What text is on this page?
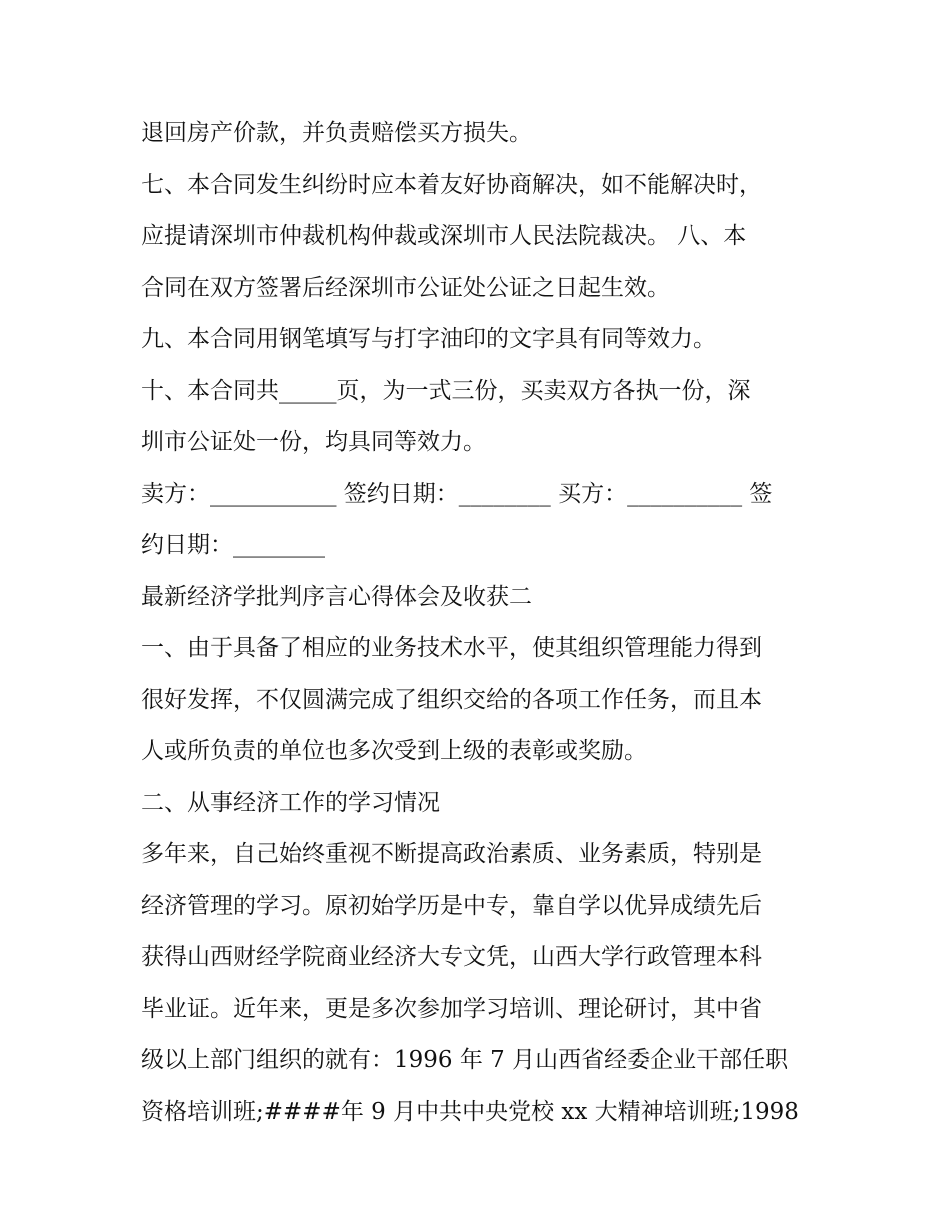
退回房产价款，并负责赔偿买方损失。
七、本合同发生纠纷时应本着友好协商解决，如不能解决时，
应提请深圳市仲裁机构仲裁或深圳市人民法院裁决。 八、本
合同在双方签署后经深圳市公证处公证之日起生效。
九、本合同用钢笔填写与打字油印的文字具有同等效力。
十、本合同共_____页，为一式三份，买卖双方各执一份，深
圳市公证处一份，均具同等效力。
卖方：___________ 签约日期：________ 买方：__________ 签
约日期：________
最新经济学批判序言心得体会及收获二
一、由于具备了相应的业务技术水平，使其组织管理能力得到
很好发挥，不仅圆满完成了组织交给的各项工作任务，而且本
人或所负责的单位也多次受到上级的表彰或奖励。
二、从事经济工作的学习情况
多年来，自己始终重视不断提高政治素质、业务素质，特别是
经济管理的学习。原初始学历是中专，靠自学以优异成绩先后
获得山西财经学院商业经济大专文凭，山西大学行政管理本科
毕业证。近年来，更是多次参加学习培训、理论研讨，其中省
级以上部门组织的就有：1996 年 7 月山西省经委企业干部任职
资格培训班;####年 9 月中共中央党校 xx 大精神培训班;1998
